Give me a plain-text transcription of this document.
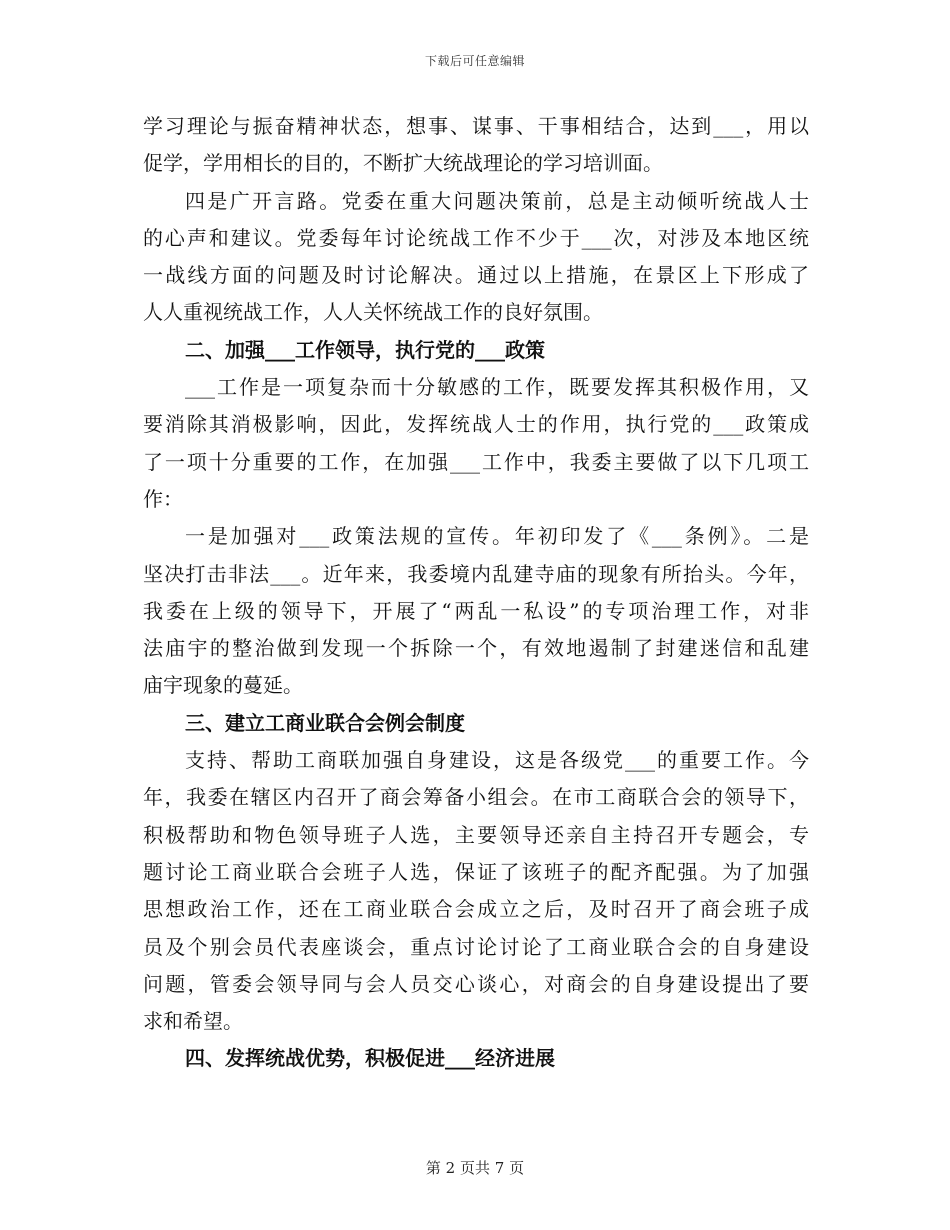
下载后可任意编辑
学习理论与振奋精神状态，想事、谋事、干事相结合，达到___，用以
促学，学用相长的目的，不断扩大统战理论的学习培训面。
四是广开言路。党委在重大问题决策前，总是主动倾听统战人士
的心声和建议。党委每年讨论统战工作不少于___次，对涉及本地区统
一战线方面的问题及时讨论解决。通过以上措施，在景区上下形成了
人人重视统战工作，人人关怀统战工作的良好氛围。
二、加强___工作领导，执行党的___政策
___工作是一项复杂而十分敏感的工作，既要发挥其积极作用，又
要消除其消极影响，因此，发挥统战人士的作用，执行党的___政策成
了一项十分重要的工作，在加强___工作中，我委主要做了以下几项工
作：
一是加强对___政策法规的宣传。年初印发了《___条例》。二是
坚决打击非法___。近年来，我委境内乱建寺庙的现象有所抬头。今年，
我委在上级的领导下，开展了“两乱一私设”的专项治理工作，对非
法庙宇的整治做到发现一个拆除一个，有效地遏制了封建迷信和乱建
庙宇现象的蔓延。
三、建立工商业联合会例会制度
支持、帮助工商联加强自身建设，这是各级党___的重要工作。今
年，我委在辖区内召开了商会筹备小组会。在市工商联合会的领导下，
积极帮助和物色领导班子人选，主要领导还亲自主持召开专题会，专
题讨论工商业联合会班子人选，保证了该班子的配齐配强。为了加强
思想政治工作，还在工商业联合会成立之后，及时召开了商会班子成
员及个别会员代表座谈会，重点讨论讨论了工商业联合会的自身建设
问题，管委会领导同与会人员交心谈心，对商会的自身建设提出了要
求和希望。
四、发挥统战优势，积极促进___经济进展
第 2 页共 7 页
